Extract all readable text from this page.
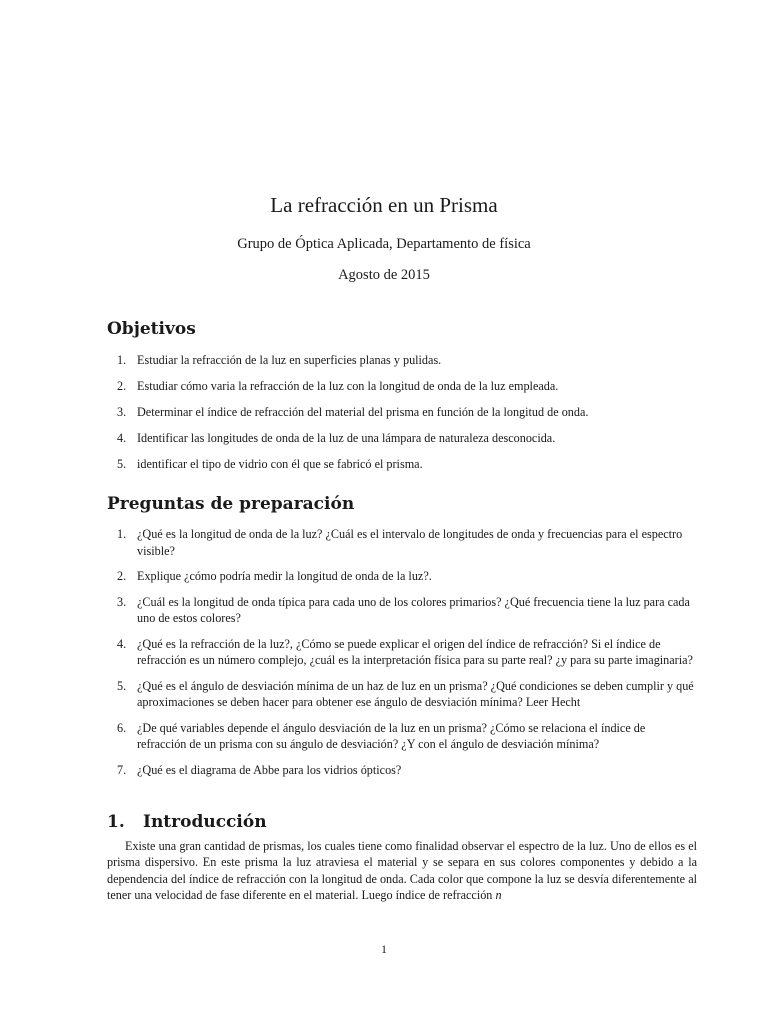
La refracción en un Prisma
Grupo de Óptica Aplicada, Departamento de física
Agosto de 2015
Objetivos
1. Estudiar la refracción de la luz en superficies planas y pulidas.
2. Estudiar cómo varia la refracción de la luz con la longitud de onda de la luz empleada.
3. Determinar el índice de refracción del material del prisma en función de la longitud de onda.
4. Identificar las longitudes de onda de la luz de una lámpara de naturaleza desconocida.
5. identificar el tipo de vidrio con él que se fabricó el prisma.
Preguntas de preparación
1. ¿Qué es la longitud de onda de la luz? ¿Cuál es el intervalo de longitudes de onda y frecuencias para el espectro visible?
2. Explique ¿cómo podría medir la longitud de onda de la luz?.
3. ¿Cuál es la longitud de onda típica para cada uno de los colores primarios? ¿Qué frecuencia tiene la luz para cada uno de estos colores?
4. ¿Qué es la refracción de la luz?, ¿Cómo se puede explicar el origen del índice de refracción? Si el índice de refracción es un número complejo, ¿cuál es la interpretación física para su parte real? ¿y para su parte imaginaria?
5. ¿Qué es el ángulo de desviación mínima de un haz de luz en un prisma? ¿Qué condiciones se deben cumplir y qué aproximaciones se deben hacer para obtener ese ángulo de desviación mínima? Leer Hecht
6. ¿De qué variables depende el ángulo desviación de la luz en un prisma? ¿Cómo se relaciona el índice de refracción de un prisma con su ángulo de desviación? ¿Y con el ángulo de desviación mínima?
7. ¿Qué es el diagrama de Abbe para los vidrios ópticos?
1. Introducción

Existe una gran cantidad de prismas, los cuales tiene como finalidad observar el espectro de la luz. Uno de ellos es el prisma dispersivo. En este prisma la luz atraviesa el material y se separa en sus colores componentes y debido a la dependencia del índice de refracción con la longitud de onda. Cada color que compone la luz se desvía diferentemente al tener una velocidad de fase diferente en el material. Luego índice de refracción n

1
